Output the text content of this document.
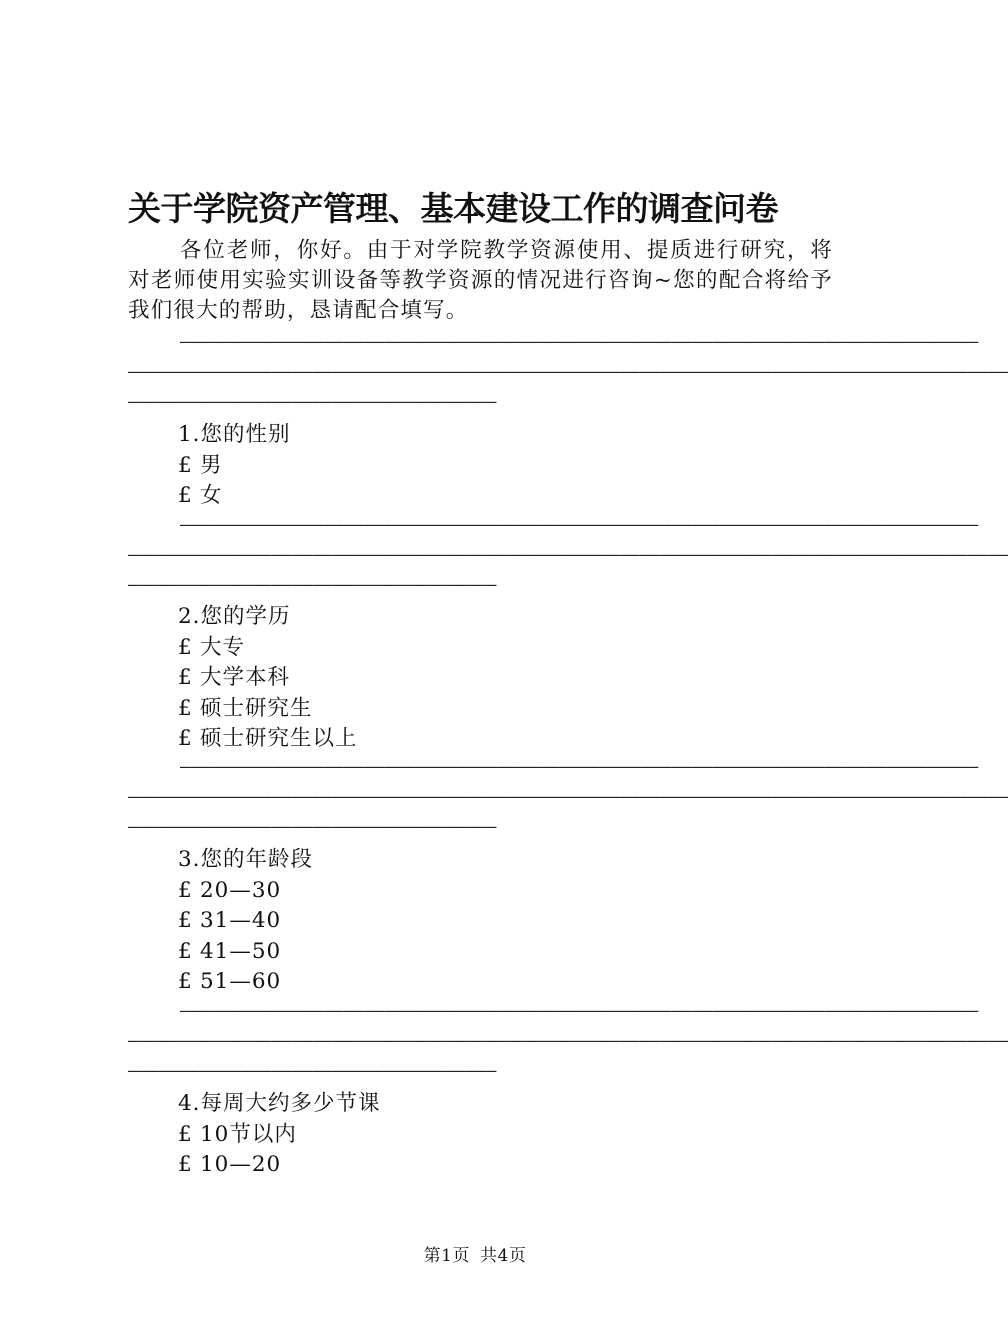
关于学院资产管理、基本建设工作的调查问卷
各位老师，你好。由于对学院教学资源使用、提质进行研究，将对老师使用实验实训设备等教学资源的情况进行咨询~您的配合将给予我们很大的帮助，恳请配合填写。
——————————————————————————————————————————————————————————————————————————————
——————————————————————————————————————————————————————————————————————————————————————
————————————————————————————————————
1.您的性别
£ 男
£ 女
——————————————————————————————————————————————————————————————————————————————
——————————————————————————————————————————————————————————————————————————————————————
————————————————————————————————————
2.您的学历
£ 大专
£ 大学本科
£ 硕士研究生
£ 硕士研究生以上
——————————————————————————————————————————————————————————————————————————————
——————————————————————————————————————————————————————————————————————————————————————
————————————————————————————————————
3.您的年龄段
£ 20—30
£ 31—40
£ 41—50
£ 51—60
——————————————————————————————————————————————————————————————————————————————
——————————————————————————————————————————————————————————————————————————————————————
————————————————————————————————————
4.每周大约多少节课
£ 10节以内
£ 10—20
第1页 共4页
